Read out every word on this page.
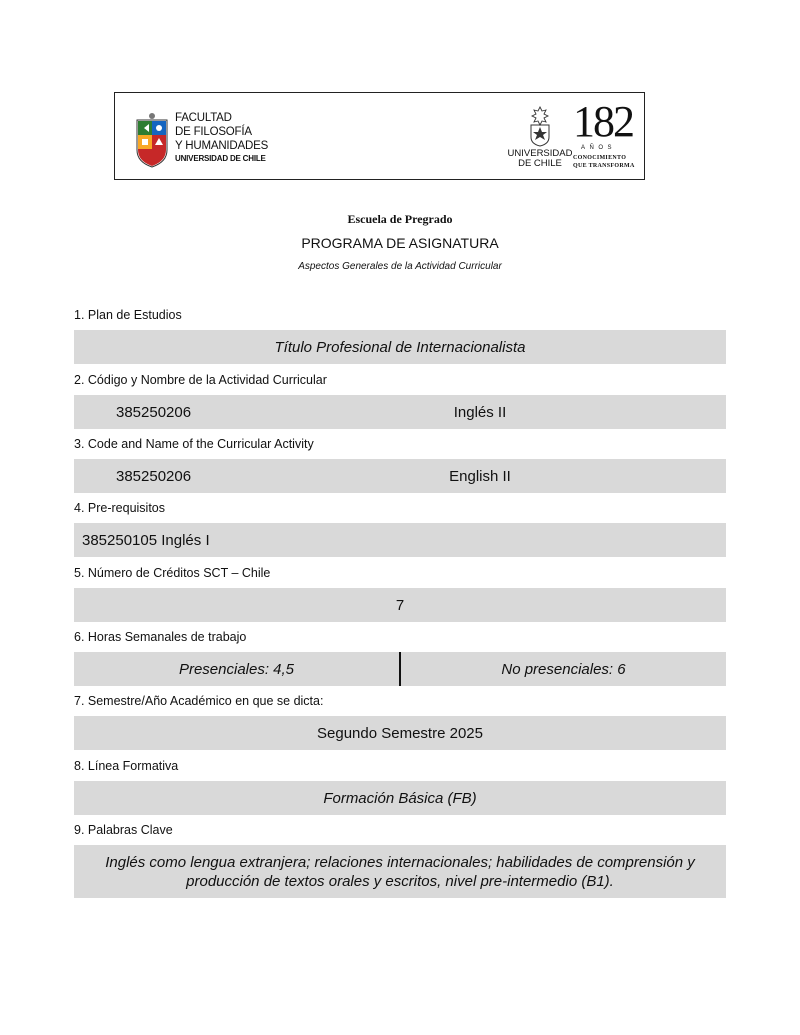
FACULTAD
DE FILOSOFÍA
Y HUMANIDADES
UNIVERSIDAD DE CHILE	UNIVERSIDAD
DE CHILE
182
AÑOS
CONOCIMIENTO
QUE TRANSFORMA
Escuela de Pregrado
PROGRAMA DE ASIGNATURA
Aspectos Generales de la Actividad Curricular
1. Plan de Estudios
Título Profesional de Internacionalista
2. Código y Nombre de la Actividad Curricular
385250206	Inglés II
3. Code and Name of the Curricular Activity
385250206	English II
4. Pre-requisitos
385250105 Inglés I
5. Número de Créditos SCT – Chile
7
6. Horas Semanales de trabajo
Presenciales: 4,5	No presenciales: 6
7. Semestre/Año Académico en que se dicta:
Segundo Semestre 2025
8. Línea Formativa
Formación Básica (FB)
9. Palabras Clave
Inglés como lengua extranjera; relaciones internacionales; habilidades de comprensión y producción de textos orales y escritos, nivel pre-intermedio (B1).
